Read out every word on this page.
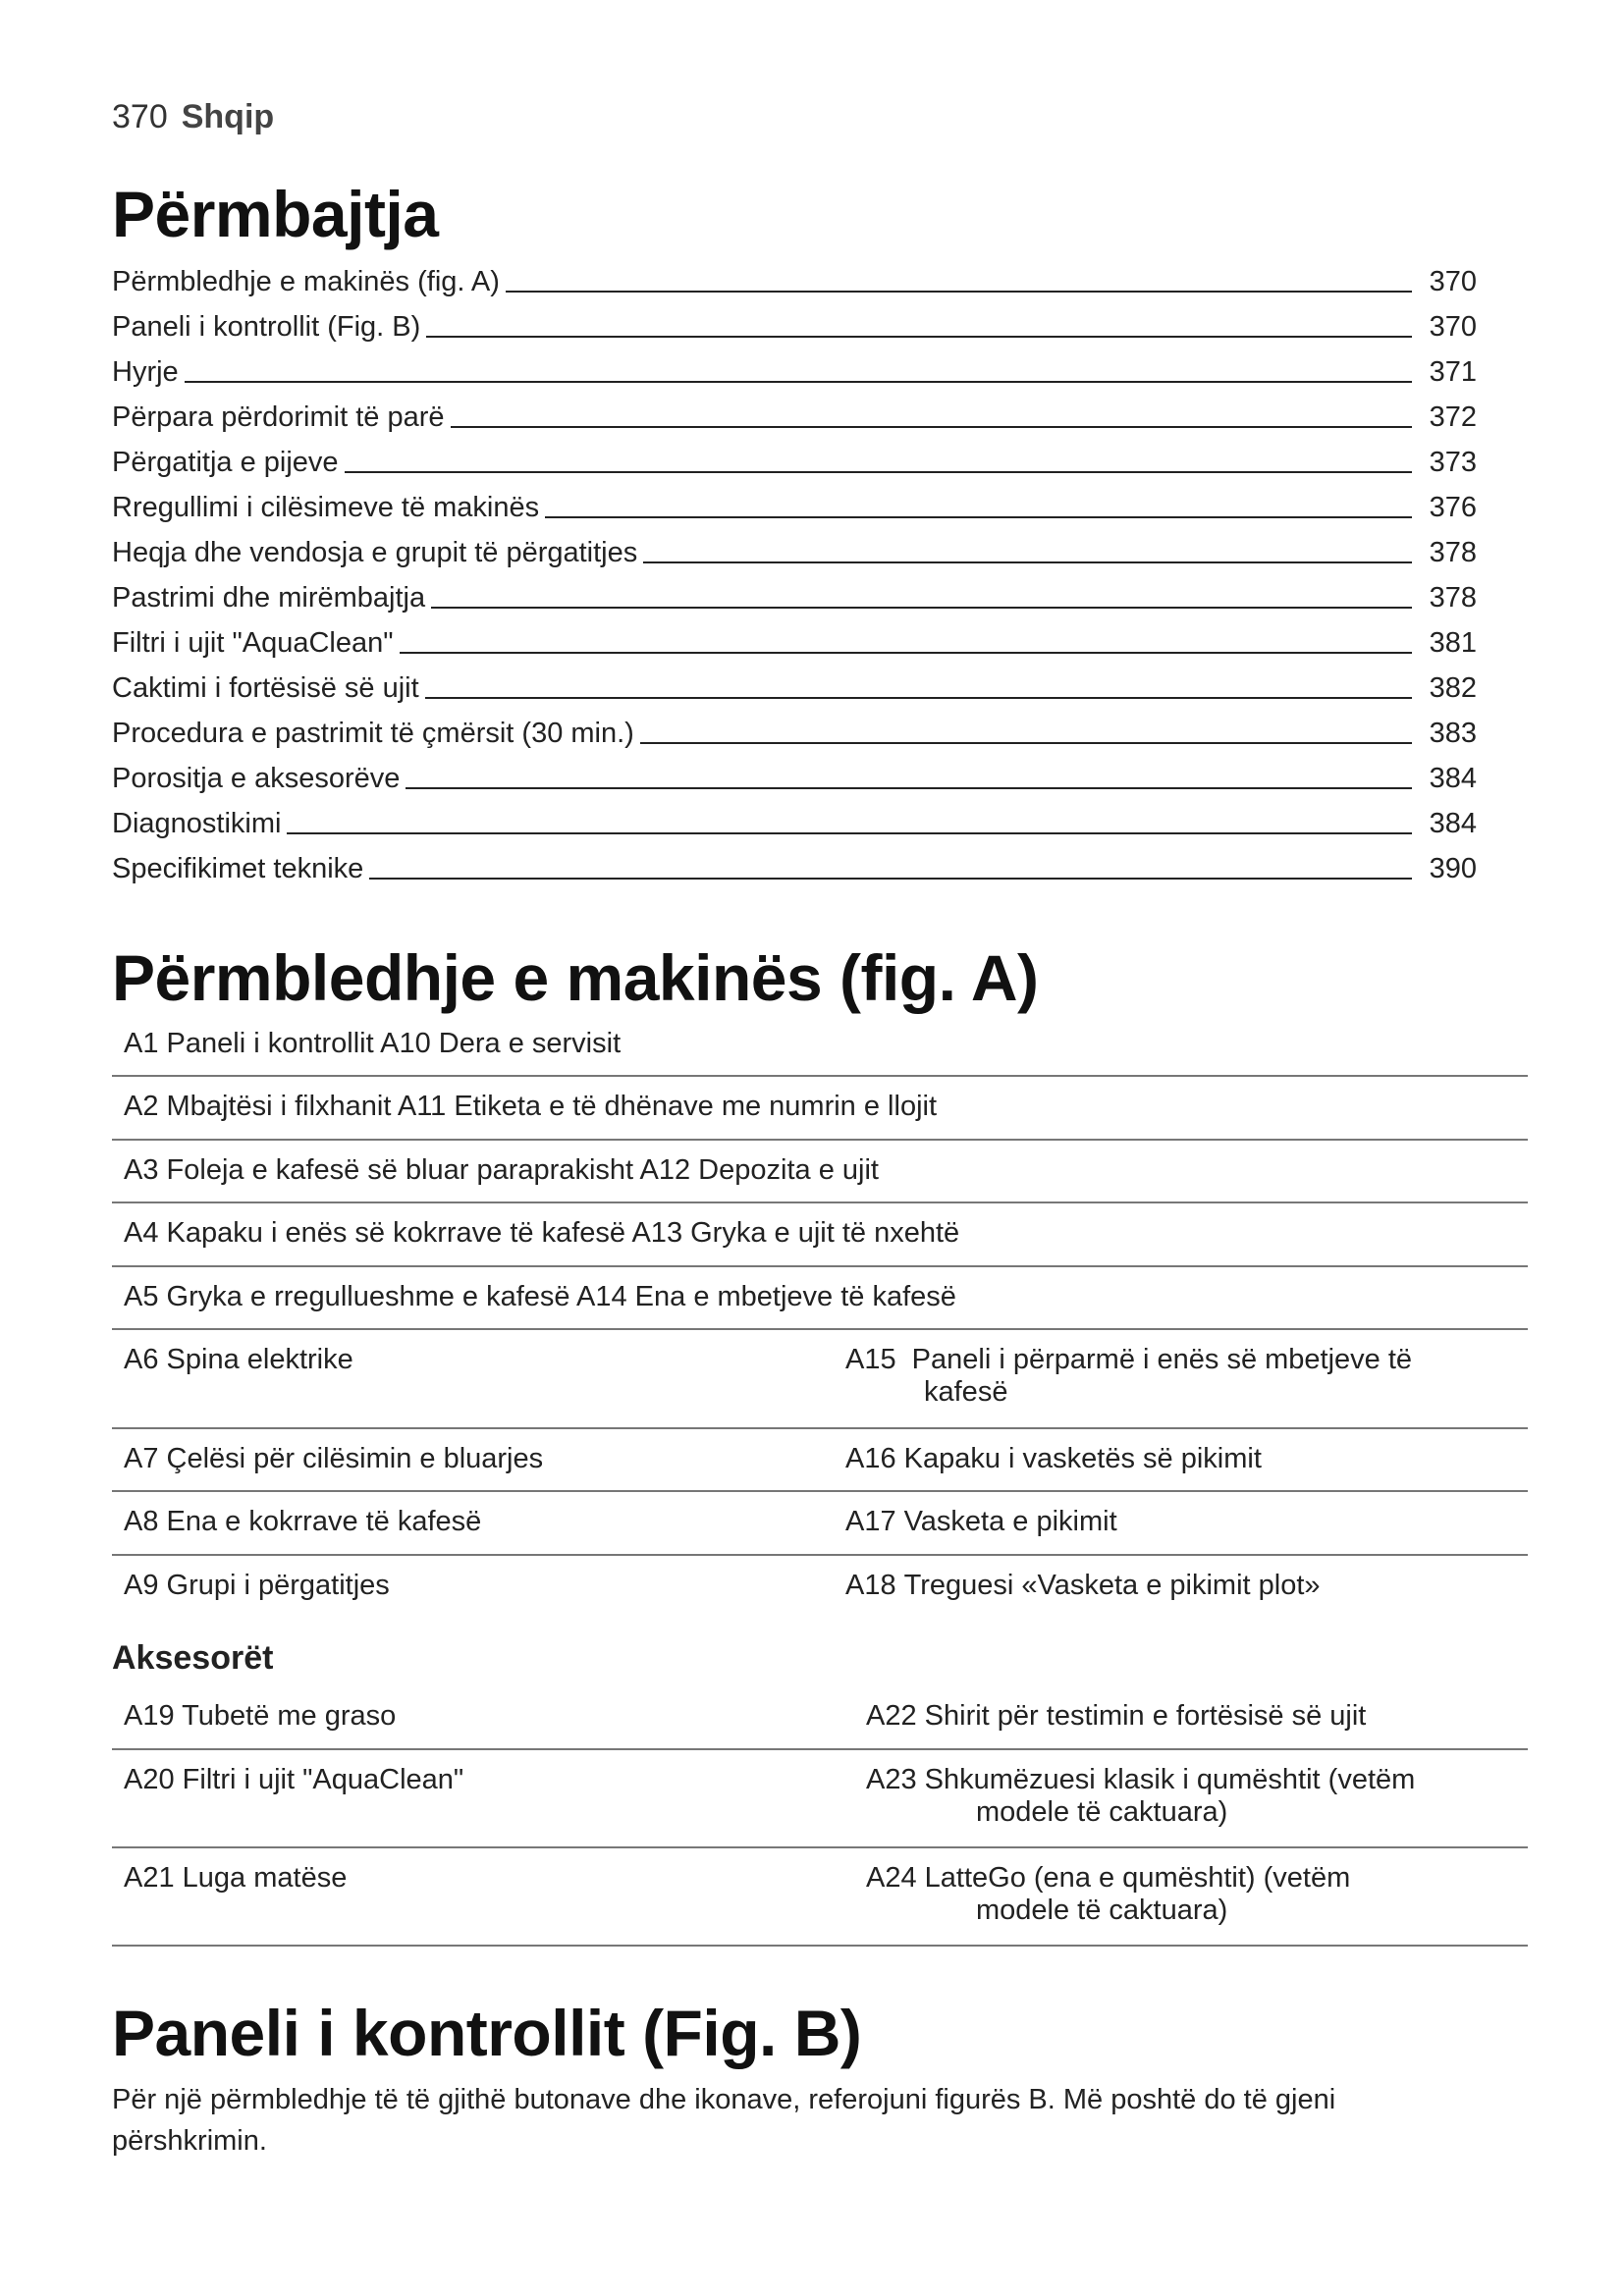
370 Shqip
Përmbajtja
Përmbledhje e makinës (fig. A)	370
Paneli i kontrollit (Fig. B)	370
Hyrje	371
Përpara përdorimit të parë	372
Përgatitja e pijeve	373
Rregullimi i cilësimeve të makinës	376
Heqja dhe vendosja e grupit të përgatitjes	378
Pastrimi dhe mirëmbajtja	378
Filtri i ujit "AquaClean"	381
Caktimi i fortësisë së ujit	382
Procedura e pastrimit të çmërsit (30 min.)	383
Porositja e aksesorëve	384
Diagnostikimi	384
Specifikimet teknike	390
Përmbledhje e makinës (fig. A)
A1 Paneli i kontrollit A10 Dera e servisit	
A2 Mbajtësi i filxhanit A11 Etiketa e të dhënave me numrin e llojit	
A3 Foleja e kafesë së bluar paraprakisht A12 Depozita e ujit	
A4 Kapaku i enës së kokrrave të kafesë A13 Gryka e ujit të nxehtë	
A5 Gryka e rregullueshme e kafesë A14 Ena e mbetjeve të kafesë	
A6 Spina elektrike	A15 Paneli i përparmë i enës së mbetjeve të
kafesë
A7 Çelësi për cilësimin e bluarjes	A16 Kapaku i vasketës së pikimit
A8 Ena e kokrrave të kafesë	A17 Vasketa e pikimit
A9 Grupi i përgatitjes	A18 Treguesi «Vasketa e pikimit plot»
Aksesorët
A19 Tubetë me graso	A22 Shirit për testimin e fortësisë së ujit
A20 Filtri i ujit "AquaClean"	A23 Shkumëzuesi klasik i qumështit (vetëm
modele të caktuara)
A21 Luga matëse	A24 LatteGo (ena e qumështit) (vetëm
modele të caktuara)
Paneli i kontrollit (Fig. B)

Për një përmbledhje të të gjithë butonave dhe ikonave, referojuni figurës B. Më poshtë do të gjeni përshkrimin.
